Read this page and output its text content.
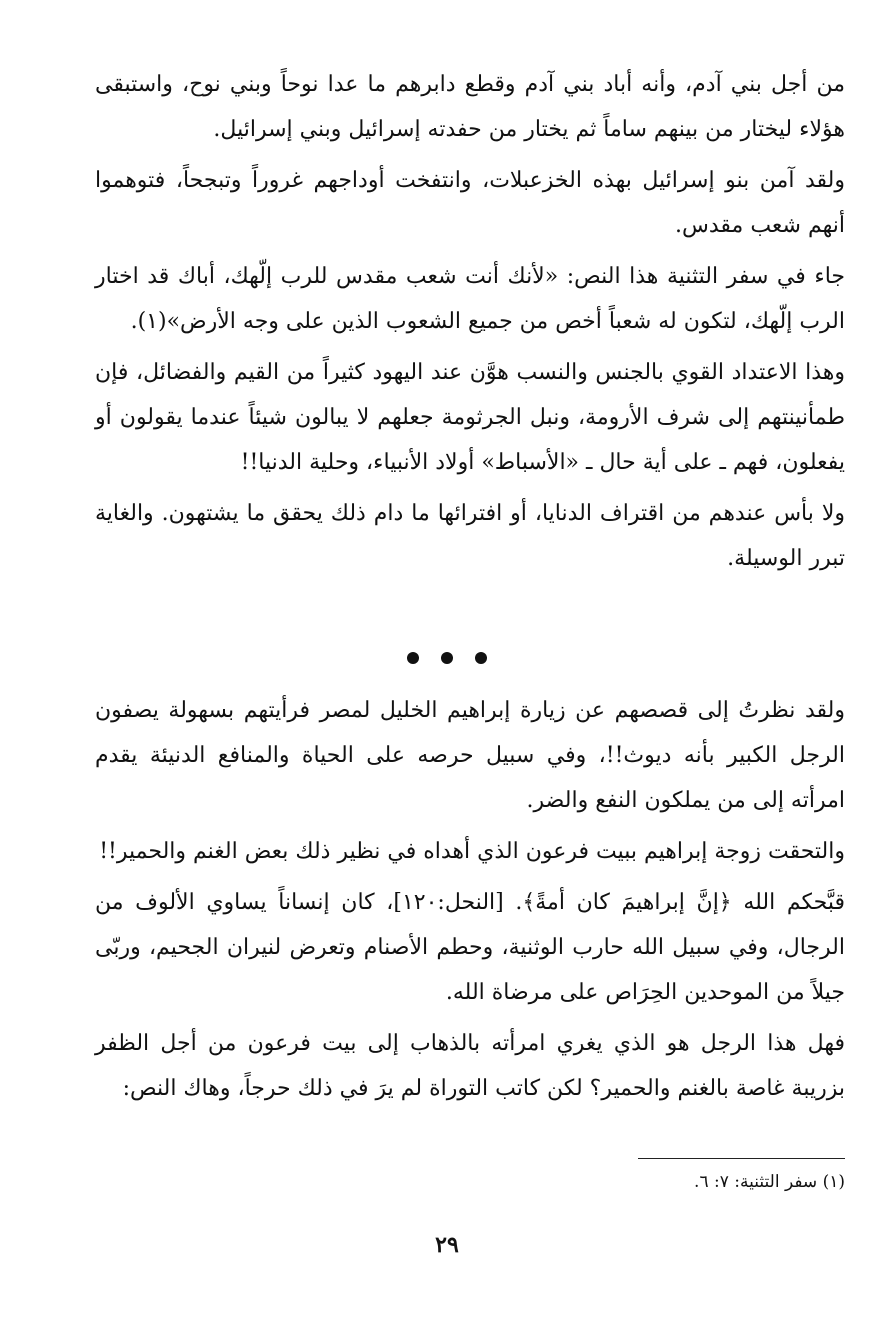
من أجل بني آدم، وأنه أباد بني آدم وقطع دابرهم ما عدا نوحاً وبني نوح، واستبقى هؤلاء ليختار من بينهم ساماً ثم يختار من حفدته إسرائيل وبني إسرائيل.

ولقد آمن بنو إسرائيل بهذه الخزعبلات، وانتفخت أوداجهم غروراً وتبجحاً، فتوهموا أنهم شعب مقدس.

جاء في سفر التثنية هذا النص: «لأنك أنت شعب مقدس للرب إلّهك، أباك قد اختار الرب إلّهك، لتكون له شعباً أخص من جميع الشعوب الذين على وجه الأرض»(١).

وهذا الاعتداد القوي بالجنس والنسب هوَّن عند اليهود كثيراً من القيم والفضائل، فإن طمأنينتهم إلى شرف الأرومة، ونبل الجرثومة جعلهم لا يبالون شيئاً عندما يقولون أو يفعلون، فهم ـ على أية حال ـ «الأسباط» أولاد الأنبياء، وحلية الدنيا!!

ولا بأس عندهم من اقتراف الدنايا، أو افترائها ما دام ذلك يحقق ما يشتهون. والغاية تبرر الوسيلة.

ولقد نظرتُ إلى قصصهم عن زيارة إبراهيم الخليل لمصر فرأيتهم بسهولة يصفون الرجل الكبير بأنه ديوث!!، وفي سبيل حرصه على الحياة والمنافع الدنيئة يقدم امرأته إلى من يملكون النفع والضر.

والتحقت زوجة إبراهيم ببيت فرعون الذي أهداه في نظير ذلك بعض الغنم والحمير!!

قبَّحكم الله ﴿إنَّ إبراهيمَ كان أمةً﴾. [النحل:١٢٠]، كان إنساناً يساوي الألوف من الرجال، وفي سبيل الله حارب الوثنية، وحطم الأصنام وتعرض لنيران الجحيم، وربّى جيلاً من الموحدين الحِرَاص على مرضاة الله.

فهل هذا الرجل هو الذي يغري امرأته بالذهاب إلى بيت فرعون من أجل الظفر بزريبة غاصة بالغنم والحمير؟ لكن كاتب التوراة لم يرَ في ذلك حرجاً، وهاك النص:

(١) سفر التثنية: ٧: ٦.
٢٩
